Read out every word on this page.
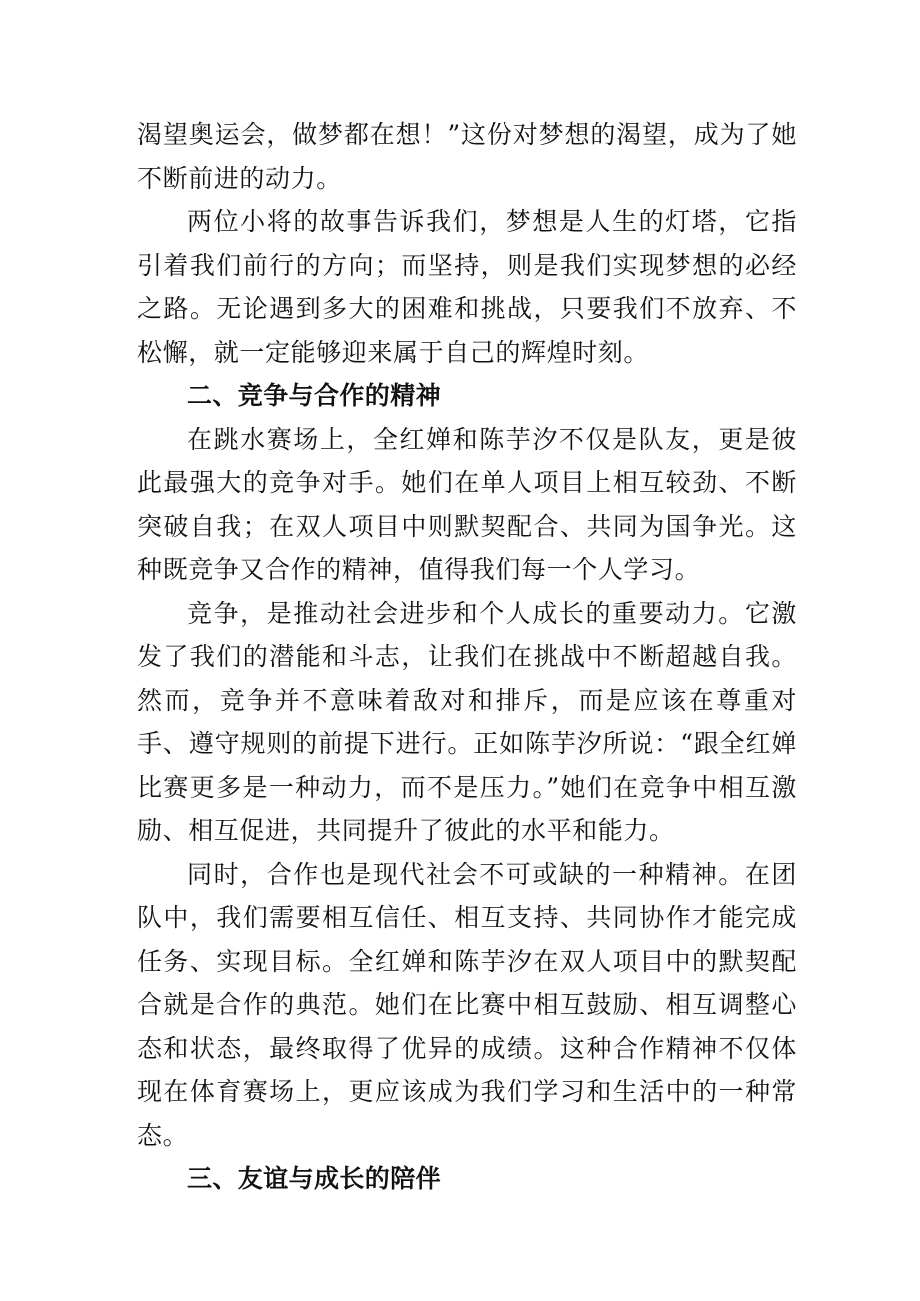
渴望奥运会，做梦都在想！”这份对梦想的渴望，成为了她不断前进的动力。

两位小将的故事告诉我们，梦想是人生的灯塔，它指引着我们前行的方向；而坚持，则是我们实现梦想的必经之路。无论遇到多大的困难和挑战，只要我们不放弃、不松懈，就一定能够迎来属于自己的辉煌时刻。

二、竞争与合作的精神

在跳水赛场上，全红婵和陈芋汐不仅是队友，更是彼此最强大的竞争对手。她们在单人项目上相互较劲、不断突破自我；在双人项目中则默契配合、共同为国争光。这种既竞争又合作的精神，值得我们每一个人学习。

竞争，是推动社会进步和个人成长的重要动力。它激发了我们的潜能和斗志，让我们在挑战中不断超越自我。然而，竞争并不意味着敌对和排斥，而是应该在尊重对手、遵守规则的前提下进行。正如陈芋汐所说：“跟全红婵比赛更多是一种动力，而不是压力。”她们在竞争中相互激励、相互促进，共同提升了彼此的水平和能力。

同时，合作也是现代社会不可或缺的一种精神。在团队中，我们需要相互信任、相互支持、共同协作才能完成任务、实现目标。全红婵和陈芋汐在双人项目中的默契配合就是合作的典范。她们在比赛中相互鼓励、相互调整心态和状态，最终取得了优异的成绩。这种合作精神不仅体现在体育赛场上，更应该成为我们学习和生活中的一种常态。

三、友谊与成长的陪伴
